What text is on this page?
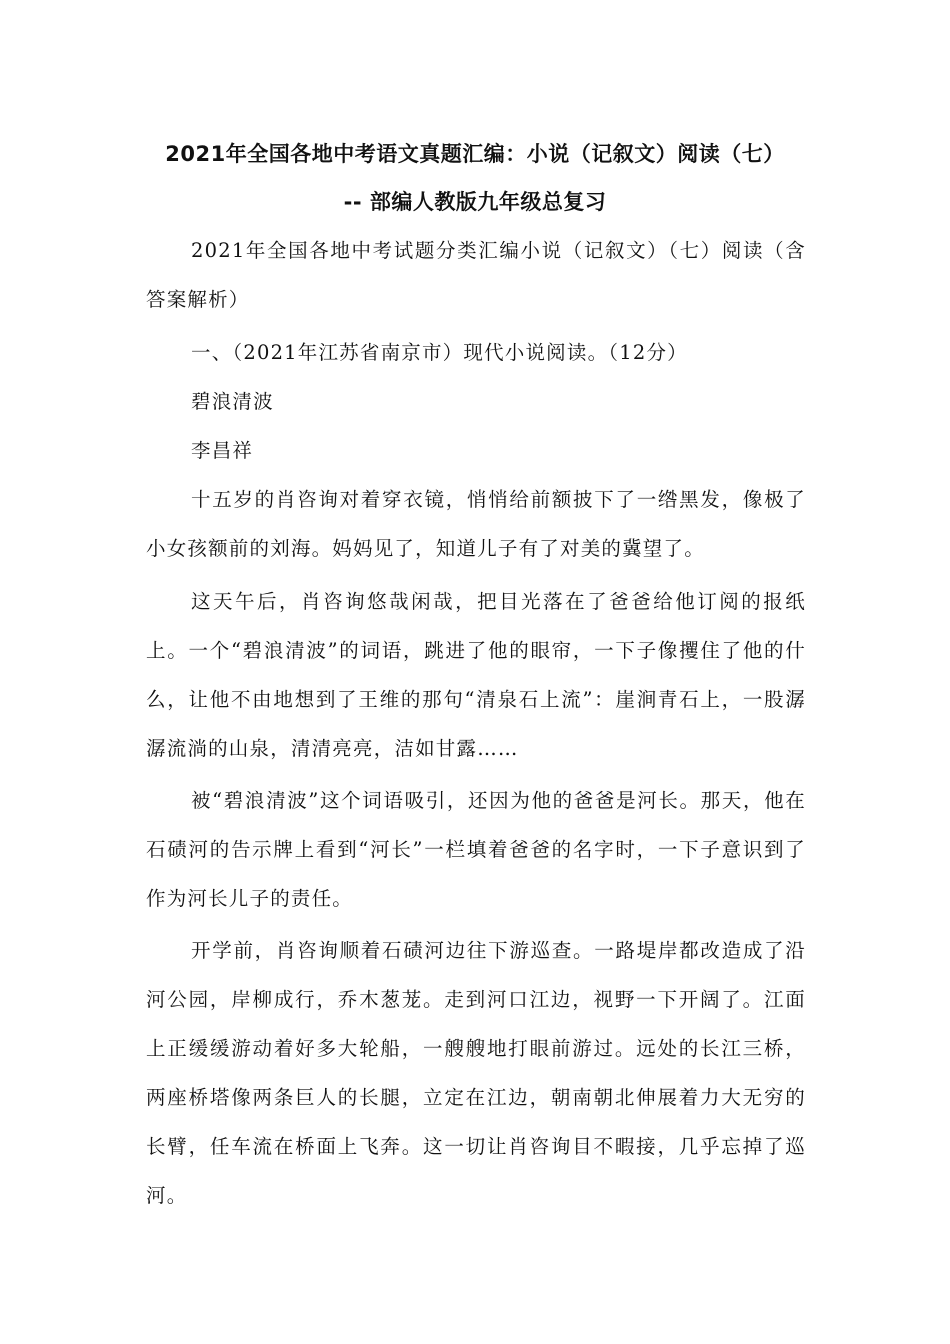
2021年全国各地中考语文真题汇编：小说（记叙文）阅读（七）
-- 部编人教版九年级总复习

2021年全国各地中考试题分类汇编小说（记叙文）（七）阅读（含答案解析）

一、（2021年江苏省南京市）现代小说阅读。（12分）
碧浪清波
李昌祥

十五岁的肖咨询对着穿衣镜，悄悄给前额披下了一绺黑发，像极了小女孩额前的刘海。妈妈见了，知道儿子有了对美的冀望了。

这天午后，肖咨询悠哉闲哉，把目光落在了爸爸给他订阅的报纸上。一个“碧浪清波”的词语，跳进了他的眼帘，一下子像攫住了他的什么，让他不由地想到了王维的那句“清泉石上流”：崖涧青石上，一股潺潺流淌的山泉，清清亮亮，洁如甘露……

被“碧浪清波”这个词语吸引，还因为他的爸爸是河长。那天，他在石碛河的告示牌上看到“河长”一栏填着爸爸的名字时，一下子意识到了作为河长儿子的责任。

开学前，肖咨询顺着石碛河边往下游巡查。一路堤岸都改造成了沿河公园，岸柳成行，乔木葱茏。走到河口江边，视野一下开阔了。江面上正缓缓游动着好多大轮船，一艘艘地打眼前游过。远处的长江三桥，两座桥塔像两条巨人的长腿，立定在江边，朝南朝北伸展着力大无穷的长臂，任车流在桥面上飞奔。这一切让肖咨询目不暇接，几乎忘掉了巡河。
